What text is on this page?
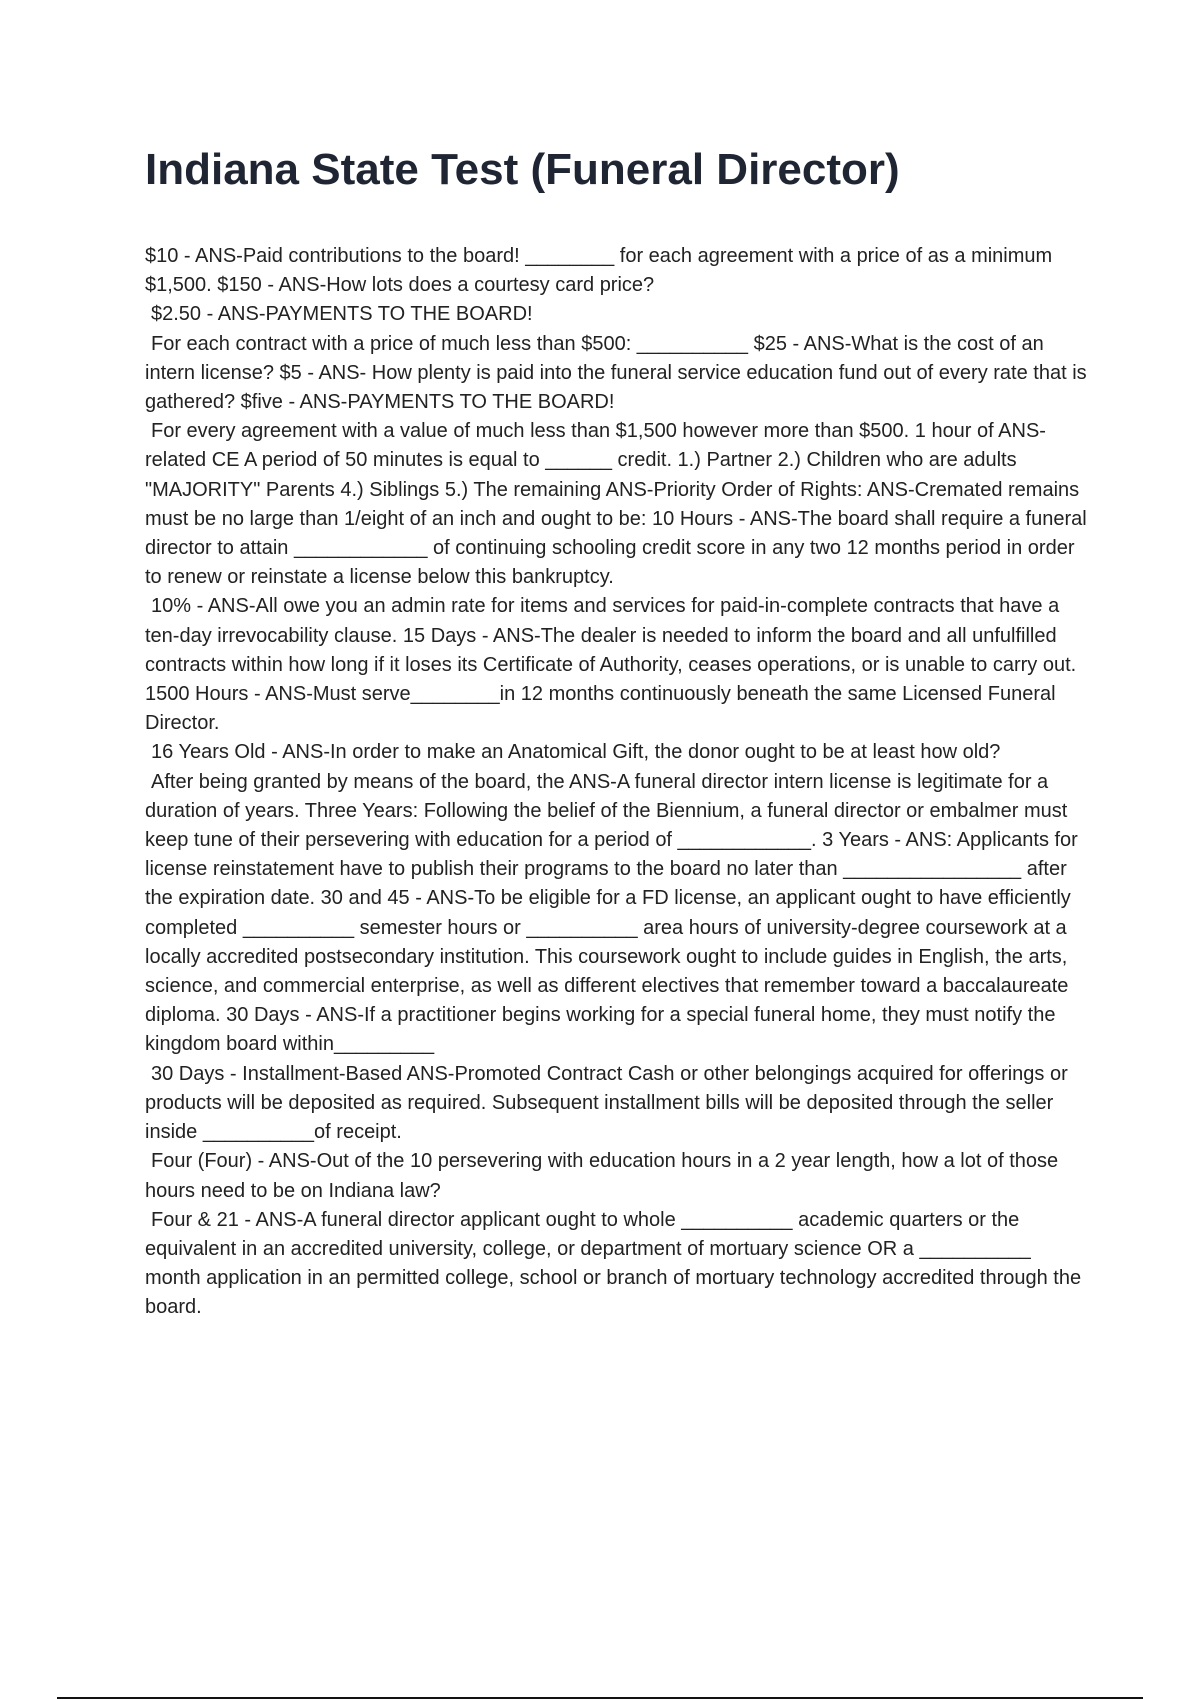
Indiana State Test (Funeral Director)

$10 - ANS-Paid contributions to the board! ________ for each agreement with a price of as a minimum $1,500. $150 - ANS-How lots does a courtesy card price?

$2.50 - ANS-PAYMENTS TO THE BOARD!

For each contract with a price of much less than $500: __________ $25 - ANS-What is the cost of an intern license? $5 - ANS- How plenty is paid into the funeral service education fund out of every rate that is gathered? $five - ANS-PAYMENTS TO THE BOARD!

For every agreement with a value of much less than $1,500 however more than $500. 1 hour of ANS-related CE A period of 50 minutes is equal to ______ credit. 1.) Partner 2.) Children who are adults "MAJORITY" Parents 4.) Siblings 5.) The remaining ANS-Priority Order of Rights: ANS-Cremated remains must be no large than 1/eight of an inch and ought to be: 10 Hours - ANS-The board shall require a funeral director to attain ____________ of continuing schooling credit score in any two 12 months period in order to renew or reinstate a license below this bankruptcy.

10% - ANS-All owe you an admin rate for items and services for paid-in-complete contracts that have a ten-day irrevocability clause. 15 Days - ANS-The dealer is needed to inform the board and all unfulfilled contracts within how long if it loses its Certificate of Authority, ceases operations, or is unable to carry out. 1500 Hours - ANS-Must serve________in 12 months continuously beneath the same Licensed Funeral Director.

16 Years Old - ANS-In order to make an Anatomical Gift, the donor ought to be at least how old?

After being granted by means of the board, the ANS-A funeral director intern license is legitimate for a duration of years. Three Years: Following the belief of the Biennium, a funeral director or embalmer must keep tune of their persevering with education for a period of ____________. 3 Years - ANS: Applicants for license reinstatement have to publish their programs to the board no later than ________________ after the expiration date. 30 and 45 - ANS-To be eligible for a FD license, an applicant ought to have efficiently completed __________ semester hours or __________ area hours of university-degree coursework at a locally accredited postsecondary institution. This coursework ought to include guides in English, the arts, science, and commercial enterprise, as well as different electives that remember toward a baccalaureate diploma. 30 Days - ANS-If a practitioner begins working for a special funeral home, they must notify the kingdom board within_________

30 Days - Installment-Based ANS-Promoted Contract Cash or other belongings acquired for offerings or products will be deposited as required. Subsequent installment bills will be deposited through the seller inside __________of receipt.

Four (Four) - ANS-Out of the 10 persevering with education hours in a 2 year length, how a lot of those hours need to be on Indiana law?

Four & 21 - ANS-A funeral director applicant ought to whole __________ academic quarters or the equivalent in an accredited university, college, or department of mortuary science OR a __________ month application in an permitted college, school or branch of mortuary technology accredited through the board.
